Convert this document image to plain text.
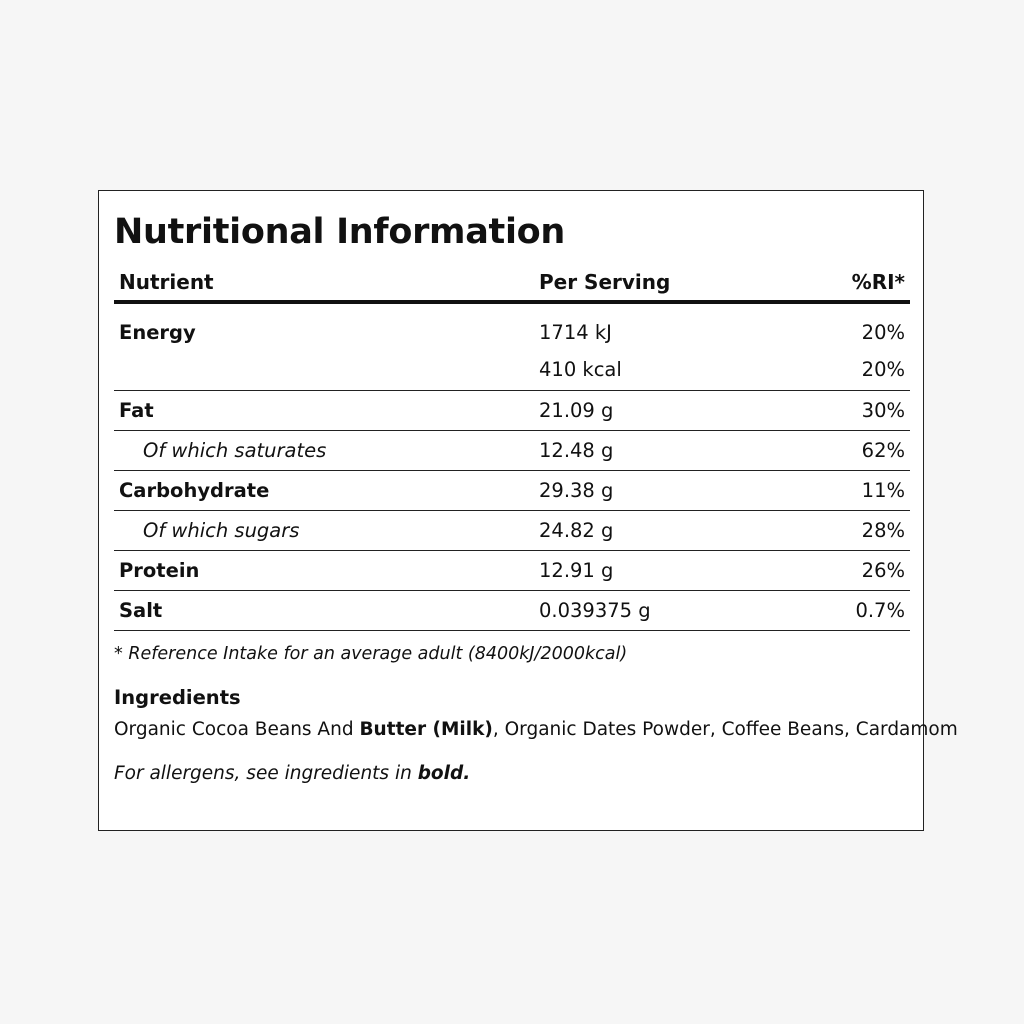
Nutritional Information
Nutrient	Per Serving	%RI*
Energy	1714 kJ	20%
	410 kcal	20%
Fat	21.09 g	30%
Of which saturates	12.48 g	62%
Carbohydrate	29.38 g	11%
Of which sugars	24.82 g	28%
Protein	12.91 g	26%
Salt	0.039375 g	0.7%
* Reference Intake for an average adult (8400kJ/2000kcal)
Ingredients
Organic Cocoa Beans And Butter (Milk), Organic Dates Powder, Coffee Beans, Cardamom
For allergens, see ingredients in bold.
